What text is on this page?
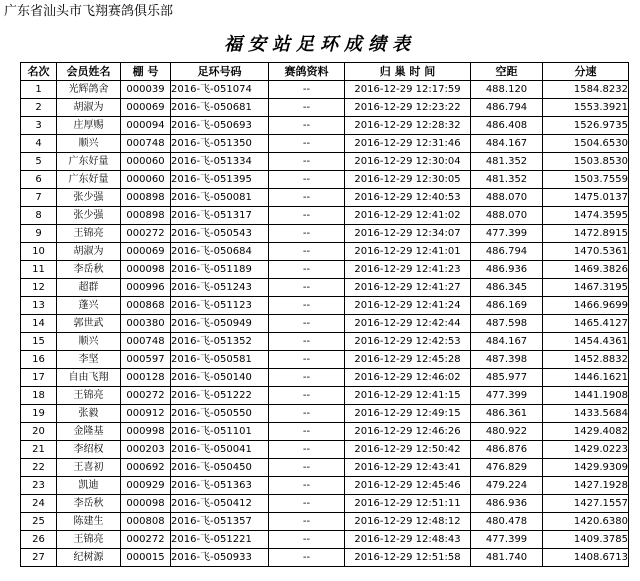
广东省汕头市飞翔赛鸽俱乐部
福安站足环成绩表
名次	会员姓名	棚 号	足环号码	赛鸽资料	归 巢 时 间	空距	分速
1	光辉鸽舍	000039	2016-飞-051074	--	2016-12-29 12:17:59	488.120	1584.8232
2	胡淑为	000069	2016-飞-050681	--	2016-12-29 12:23:22	486.794	1553.3921
3	庄厚赐	000094	2016-飞-050693	--	2016-12-29 12:28:32	486.408	1526.9735
4	顺兴	000748	2016-飞-051350	--	2016-12-29 12:31:46	484.167	1504.6530
5	广东好量	000060	2016-飞-051334	--	2016-12-29 12:30:04	481.352	1503.8530
6	广东好量	000060	2016-飞-051395	--	2016-12-29 12:30:05	481.352	1503.7559
7	张少强	000898	2016-飞-050081	--	2016-12-29 12:40:53	488.070	1475.0137
8	张少强	000898	2016-飞-051317	--	2016-12-29 12:41:02	488.070	1474.3595
9	王锦亮	000272	2016-飞-050543	--	2016-12-29 12:34:07	477.399	1472.8915
10	胡淑为	000069	2016-飞-050684	--	2016-12-29 12:41:01	486.794	1470.5361
11	李岳秋	000098	2016-飞-051189	--	2016-12-29 12:41:23	486.936	1469.3826
12	超群	000996	2016-飞-051243	--	2016-12-29 12:41:27	486.345	1467.3195
13	蓬兴	000868	2016-飞-051123	--	2016-12-29 12:41:24	486.169	1466.9699
14	郭世武	000380	2016-飞-050949	--	2016-12-29 12:42:44	487.598	1465.4127
15	顺兴	000748	2016-飞-051352	--	2016-12-29 12:42:53	484.167	1454.4361
16	李坚	000597	2016-飞-050581	--	2016-12-29 12:45:28	487.398	1452.8832
17	自由飞翔	000128	2016-飞-050140	--	2016-12-29 12:46:02	485.977	1446.1621
18	王锦亮	000272	2016-飞-051222	--	2016-12-29 12:41:15	477.399	1441.1908
19	张毅	000912	2016-飞-050550	--	2016-12-29 12:49:15	486.361	1433.5684
20	金隆基	000998	2016-飞-051101	--	2016-12-29 12:46:26	480.922	1429.4082
21	李绍权	000203	2016-飞-050041	--	2016-12-29 12:50:42	486.876	1429.0223
22	王喜初	000692	2016-飞-050450	--	2016-12-29 12:43:41	476.829	1429.9309
23	凯迪	000929	2016-飞-051363	--	2016-12-29 12:45:46	479.224	1427.1928
24	李岳秋	000098	2016-飞-050412	--	2016-12-29 12:51:11	486.936	1427.1557
25	陈建生	000808	2016-飞-051357	--	2016-12-29 12:48:12	480.478	1420.6380
26	王锦亮	000272	2016-飞-051221	--	2016-12-29 12:48:43	477.399	1409.3785
27	纪树源	000015	2016-飞-050933	--	2016-12-29 12:51:58	481.740	1408.6713
